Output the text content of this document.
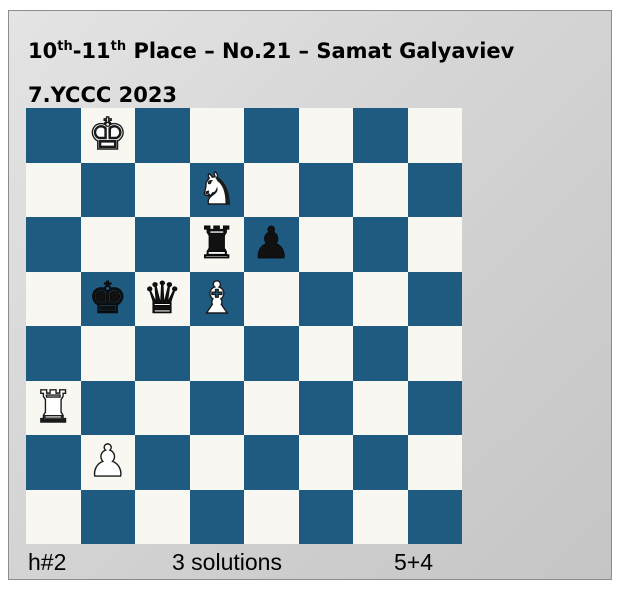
10th-11th Place – No.21 – Samat Galyaviev
7.YCCC 2023
♚
♞
♜ ♟
♚ ♛ ♝
♜
♟
h#2	3 solutions	5+4
